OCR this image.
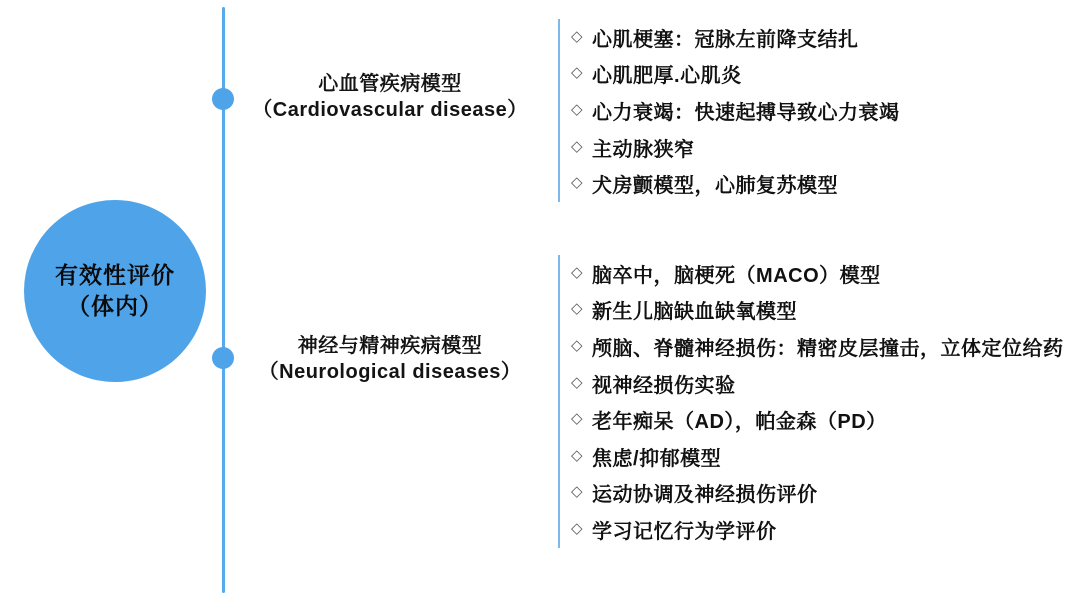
有效性评价
（体内）
心血管疾病模型
（Cardiovascular disease）
神经与精神疾病模型
（Neurological diseases）
◇ 心肌梗塞：冠脉左前降支结扎
◇ 心肌肥厚.心肌炎
◇ 心力衰竭：快速起搏导致心力衰竭
◇ 主动脉狭窄
◇ 犬房颤模型，心肺复苏模型
◇ 脑卒中，脑梗死（MACO）模型
◇ 新生儿脑缺血缺氧模型
◇ 颅脑、脊髓神经损伤：精密皮层撞击，立体定位给药
◇ 视神经损伤实验
◇ 老年痴呆（AD），帕金森（PD）
◇ 焦虑/抑郁模型
◇ 运动协调及神经损伤评价
◇ 学习记忆行为学评价
